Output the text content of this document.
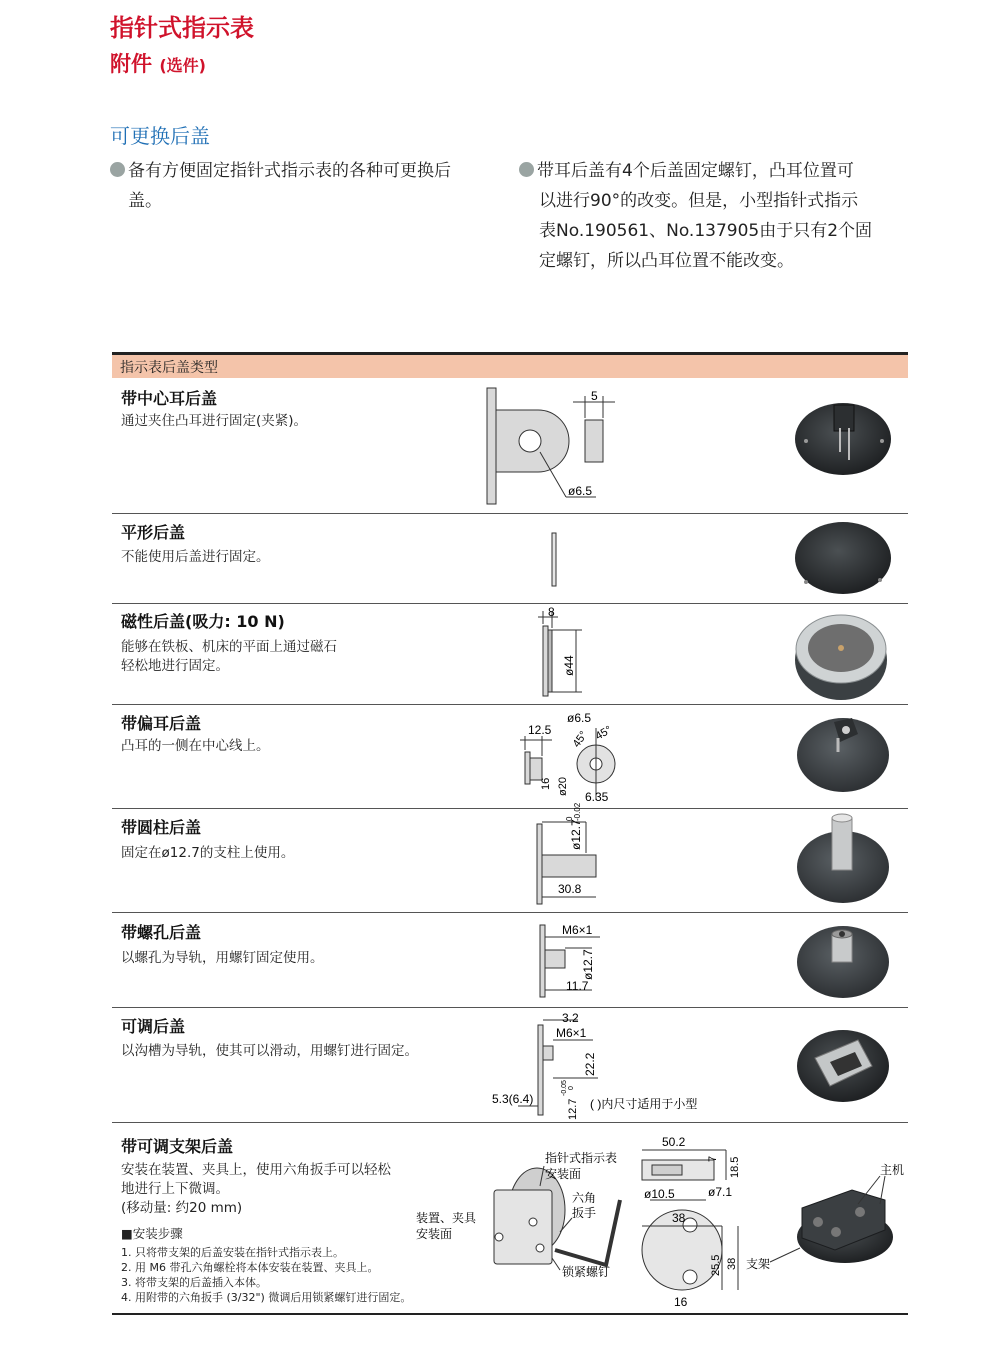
指针式指示表
附件 (选件)
可更换后盖
备有方便固定指针式指示表的各种可更换后
盖。
带耳后盖有4个后盖固定螺钉，凸耳位置可
以进行90°的改变。但是，小型指针式指示
表No.190561、No.137905由于只有2个固
定螺钉，所以凸耳位置不能改变。
指示表后盖类型
带中心耳后盖
通过夹住凸耳进行固定(夹紧)。
平形后盖
不能使用后盖进行固定。
磁性后盖(吸力: 10 N)
能够在铁板、机床的平面上通过磁石
轻松地进行固定。
带偏耳后盖
凸耳的一侧在中心线上。
带圆柱后盖
固定在ø12.7的支柱上使用。
带螺孔后盖
以螺孔为导轨，用螺钉固定使用。
可调后盖
以沟槽为导轨，使其可以滑动，用螺钉进行固定。
带可调支架后盖
安装在装置、夹具上，使用六角扳手可以轻松
地进行上下微调。
(移动量: 约20 mm)
■安装步骤
1. 只将带支架的后盖安装在指针式指示表上。
2. 用 M6 带孔六角螺栓将本体安装在装置、夹具上。
3. 将带支架的后盖插入本体。
4. 用附带的六角扳手 (3/32") 微调后用锁紧螺钉进行固定。
5
ø6.5
8
ø44
ø6.5
12.5 45° 45°
16 ø20
6.35
ø12.7
0 -0.02
30.8
M6×1
ø12.7
11.7
3.2
M6×1
22.2
5.3(6.4)	12.7
-0.05 0
( )内尺寸适用于小型
指针式指示表
安装面
六角
扳手
装置、夹具
安装面
锁紧螺钉
50.2
7 18.5
ø10.5	ø7.1
38
25.5 38
16
主机
支架
